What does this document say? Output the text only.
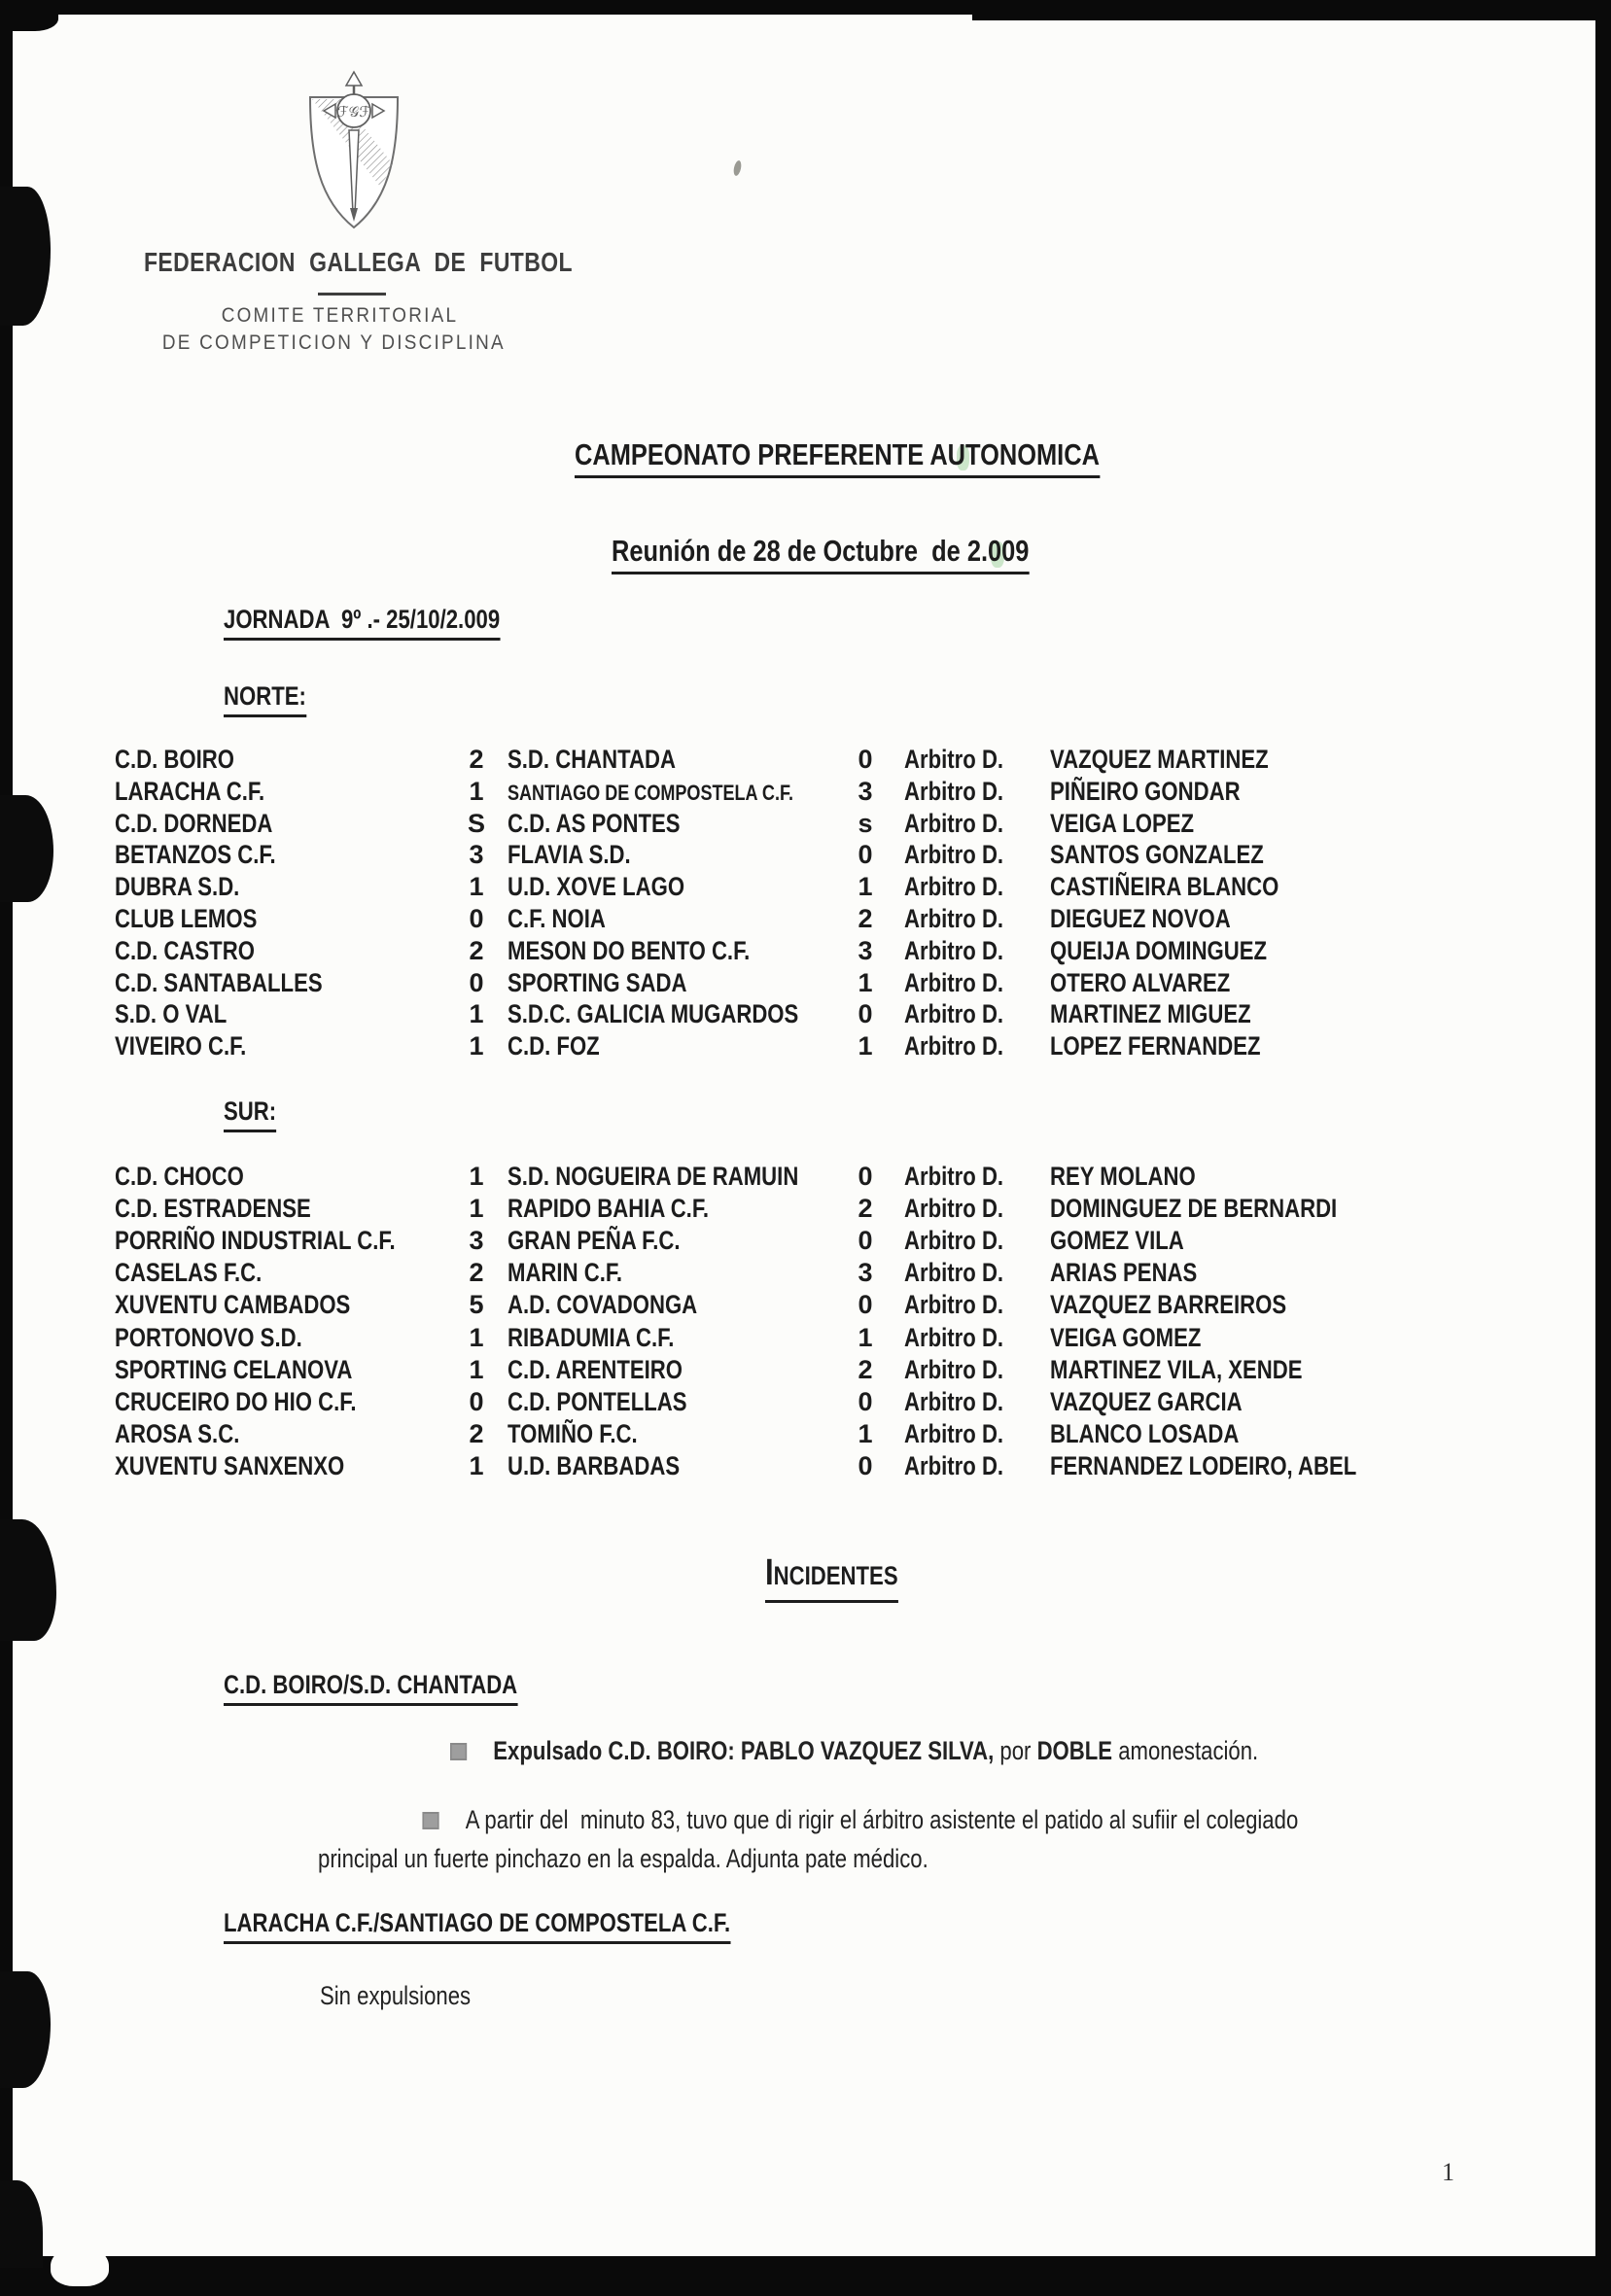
ℱ𝒢ℱ
FEDERACION GALLEGA DE FUTBOL
COMITE TERRITORIAL
DE COMPETICION Y DISCIPLINA
CAMPEONATO PREFERENTE AUTONOMICA
Reunión de 28 de Octubre  de 2.009
JORNADA  9º .- 25/10/2.009
NORTE:
C.D. BOIRO	2 S.D. CHANTADA	0	Arbitro D.	VAZQUEZ MARTINEZ
LARACHA C.F.	1	SANTIAGO DE COMPOSTELA C.F.	3	Arbitro D.	PIÑEIRO GONDAR
C.D. DORNEDA	S C.D. AS PONTES	s	Arbitro D.	VEIGA LOPEZ
BETANZOS C.F.	3 FLAVIA S.D.	0	Arbitro D.	SANTOS GONZALEZ
DUBRA S.D.	1 U.D. XOVE LAGO	1	Arbitro D.	CASTIÑEIRA BLANCO
CLUB LEMOS	0 C.F. NOIA	2	Arbitro D.	DIEGUEZ NOVOA
C.D. CASTRO	2 MESON DO BENTO C.F.	3	Arbitro D.	QUEIJA DOMINGUEZ
C.D. SANTABALLES	0 SPORTING SADA	1	Arbitro D.	OTERO ALVAREZ
S.D. O VAL	1 S.D.C. GALICIA MUGARDOS	0	Arbitro D.	MARTINEZ MIGUEZ
VIVEIRO C.F.	1 C.D. FOZ	1	Arbitro D.	LOPEZ FERNANDEZ
SUR:
C.D. CHOCO	1 S.D. NOGUEIRA DE RAMUIN	0	Arbitro D.	REY MOLANO
C.D. ESTRADENSE	1 RAPIDO BAHIA C.F.	2	Arbitro D.	DOMINGUEZ DE BERNARDI
PORRIÑO INDUSTRIAL C.F.	3 GRAN PEÑA F.C.	0	Arbitro D.	GOMEZ VILA
CASELAS F.C.	2 MARIN C.F.	3	Arbitro D.	ARIAS PENAS
XUVENTU CAMBADOS	5 A.D. COVADONGA	0	Arbitro D.	VAZQUEZ BARREIROS
PORTONOVO S.D.	1 RIBADUMIA C.F.	1	Arbitro D.	VEIGA GOMEZ
SPORTING CELANOVA	1 C.D. ARENTEIRO	2	Arbitro D.	MARTINEZ VILA, XENDE
CRUCEIRO DO HIO C.F.	0 C.D. PONTELLAS	0	Arbitro D.	VAZQUEZ GARCIA
AROSA S.C.	2 TOMIÑO F.C.	1	Arbitro D.	BLANCO LOSADA
XUVENTU SANXENXO	1 U.D. BARBADAS	0	Arbitro D.	FERNANDEZ LODEIRO, ABEL
INCIDENTES
C.D. BOIRO/S.D. CHANTADA
Expulsado C.D. BOIRO: PABLO VAZQUEZ SILVA, por DOBLE amonestación.
A partir del  minuto 83, tuvo que di rigir el árbitro asistente el patido al sufiir el colegiado
principal un fuerte pinchazo en la espalda. Adjunta pate médico.
LARACHA C.F./SANTIAGO DE COMPOSTELA C.F.
Sin expulsiones
1
